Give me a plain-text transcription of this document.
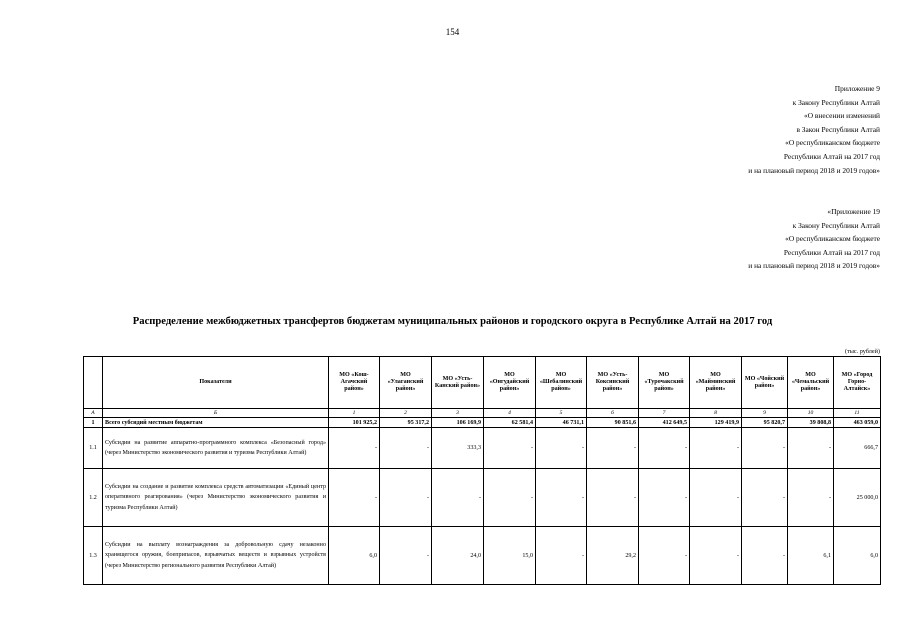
154
Приложение 9
к Закону Республики Алтай
«О внесении изменений
в Закон Республики Алтай
«О республиканском бюджете
Республики Алтай на 2017 год
и на плановый период 2018 и 2019 годов»
«Приложение 19
к Закону Республики Алтай
«О республиканском бюджете
Республики Алтай на 2017 год
и на плановый период 2018 и 2019 годов»
Распределение межбюджетных трансфертов бюджетам муниципальных районов и городского округа в Республике Алтай на 2017 год
(тыс. рублей)
	Показатели	МО «Кош-Агачский район»	МО «Улаганский район»	МО «Усть-Канский район»	МО «Онгудайский район»	МО «Шебалинский район»	МО «Усть-Коксинский район»	МО «Турочакский район»	МО «Майминский район»	МО «Чойский район»	МО «Чемальский район»	МО «Город Горно-Алтайск»
А	Б	1	2	3	4	5	6	7	8	9	10	11
1	Всего субсидий местным бюджетам	101 925,2	95 317,2	106 169,9	62 581,4	46 731,1	90 851,6	412 649,5	129 419,9	95 820,7	39 808,8	463 059,0
1.1	Субсидии на развитие аппаратно-программного комплекса «Безопасный город» (через Министерство экономического развития и туризма Республики Алтай)	-	-	333,3	-	-	-	-	-	-	-	666,7
1.2	Субсидии на создание и развитие комплекса средств автоматизации «Единый центр оперативного реагирования» (через Министерство экономического развития и туризма Республики Алтай)	-	-	-	-	-	-	-	-	-	-	25 000,0
1.3	Субсидии на выплату вознаграждения за добровольную сдачу незаконно хранящегося оружия, боеприпасов, взрывчатых веществ и взрывных устройств (через Министерство регионального развития Республики Алтай)	6,0	-	24,0	15,0	-	29,2	-	-	-	6,1	6,0
